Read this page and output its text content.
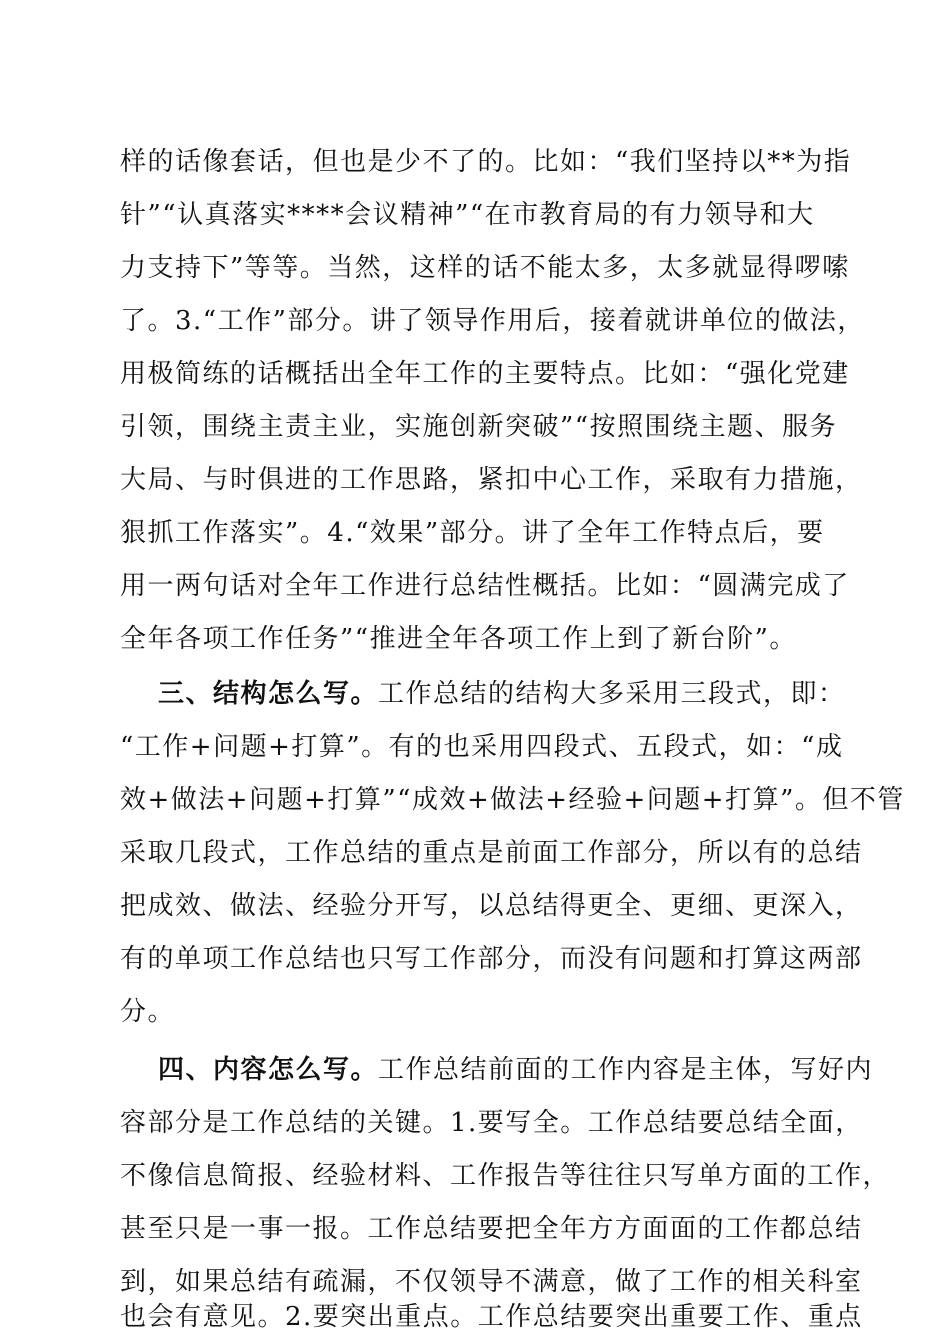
样的话像套话，但也是少不了的。比如：“我们坚持以**为指
针”“认真落实****会议精神”“在市教育局的有力领导和大
力支持下”等等。当然，这样的话不能太多，太多就显得啰嗦
了。3.“工作”部分。讲了领导作用后，接着就讲单位的做法，
用极简练的话概括出全年工作的主要特点。比如：“强化党建
引领，围绕主责主业，实施创新突破”“按照围绕主题、服务
大局、与时俱进的工作思路，紧扣中心工作，采取有力措施，
狠抓工作落实”。4.“效果”部分。讲了全年工作特点后，要
用一两句话对全年工作进行总结性概括。比如：“圆满完成了
全年各项工作任务”“推进全年各项工作上到了新台阶”。
三、结构怎么写。工作总结的结构大多采用三段式，即：
“工作+问题+打算”。有的也采用四段式、五段式，如：“成
效+做法+问题+打算”“成效+做法+经验+问题+打算”。但不管
采取几段式，工作总结的重点是前面工作部分，所以有的总结
把成效、做法、经验分开写，以总结得更全、更细、更深入，
有的单项工作总结也只写工作部分，而没有问题和打算这两部
分。
四、内容怎么写。工作总结前面的工作内容是主体，写好内
容部分是工作总结的关键。1.要写全。工作总结要总结全面，
不像信息简报、经验材料、工作报告等往往只写单方面的工作，
甚至只是一事一报。工作总结要把全年方方面面的工作都总结
到，如果总结有疏漏，不仅领导不满意，做了工作的相关科室
也会有意见。2.要突出重点。工作总结要突出重要工作、重点
